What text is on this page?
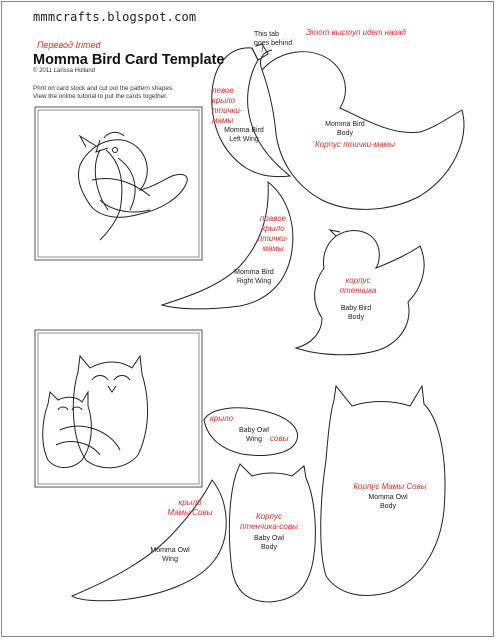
mmmcrafts.blogspot.com
Перевод Irimed
Momma Bird Card Template
© 2011 Larissa Holland
Print on card stock and cut out the pattern shapes.
View the online tutorial to put the cards together.
This tab
goes behind
Этот выступ идет назад
левое
крыло
птички-
мамы
Momma Bird
Left Wing
Momma Bird
Body
Корпус птички-мамы
правое
крыло
птички-
мамы
Momma Bird
Right Wing	корпус
птенчика
Baby Bird
Body
крыло
совы
Baby Owl
Wing
Корпус Мамы Совы
Momma Owl
Body
крыло
Мамы Совы
Momma Owl
Wing
Корпус
птенчика-совы
Baby Owl
Body
